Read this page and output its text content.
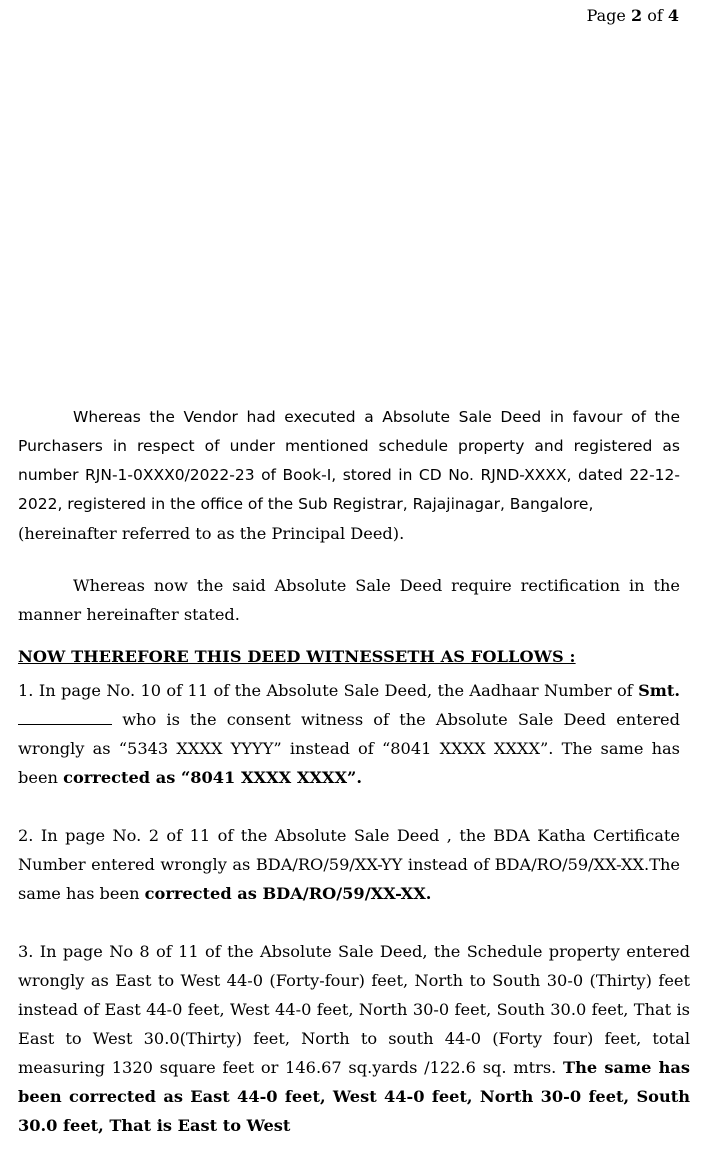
Page 2 of 4

Whereas the Vendor had executed a Absolute Sale Deed in favour of the Purchasers in respect of under mentioned schedule property and registered as number RJN-1-0XXX0/2022-23 of Book-I, stored in CD No. RJND-XXXX, dated 22-12-2022, registered in the office of the Sub Registrar, Rajajinagar, Bangalore,
(hereinafter referred to as the Principal Deed).

Whereas now the said Absolute Sale Deed require rectification in the manner hereinafter stated.

NOW THEREFORE THIS DEED WITNESSETH AS FOLLOWS :

1. In page No. 10 of 11 of the Absolute Sale Deed, the Aadhaar Number of Smt.  who is the consent witness of the Absolute Sale Deed entered wrongly as “5343 XXXX YYYY” instead of “8041 XXXX XXXX”. The same has been corrected as “8041 XXXX XXXX”.

2. In page No. 2 of 11 of the Absolute Sale Deed , the BDA Katha Certificate Number entered wrongly as BDA/RO/59/XX-YY instead of BDA/RO/59/XX-XX.The same has been corrected as BDA/RO/59/XX-XX.

3. In page No 8 of 11 of the Absolute Sale Deed, the Schedule property entered wrongly as East to West 44-0 (Forty-four) feet, North to South 30-0 (Thirty) feet instead of East 44-0 feet, West 44-0 feet, North 30-0 feet, South 30.0 feet, That is East to West 30.0(Thirty) feet, North to south 44-0 (Forty four) feet, total measuring 1320 square feet or 146.67 sq.yards /122.6 sq. mtrs. The same has been corrected as East 44-0 feet, West 44-0 feet, North 30-0 feet, South 30.0 feet, That is East to West
